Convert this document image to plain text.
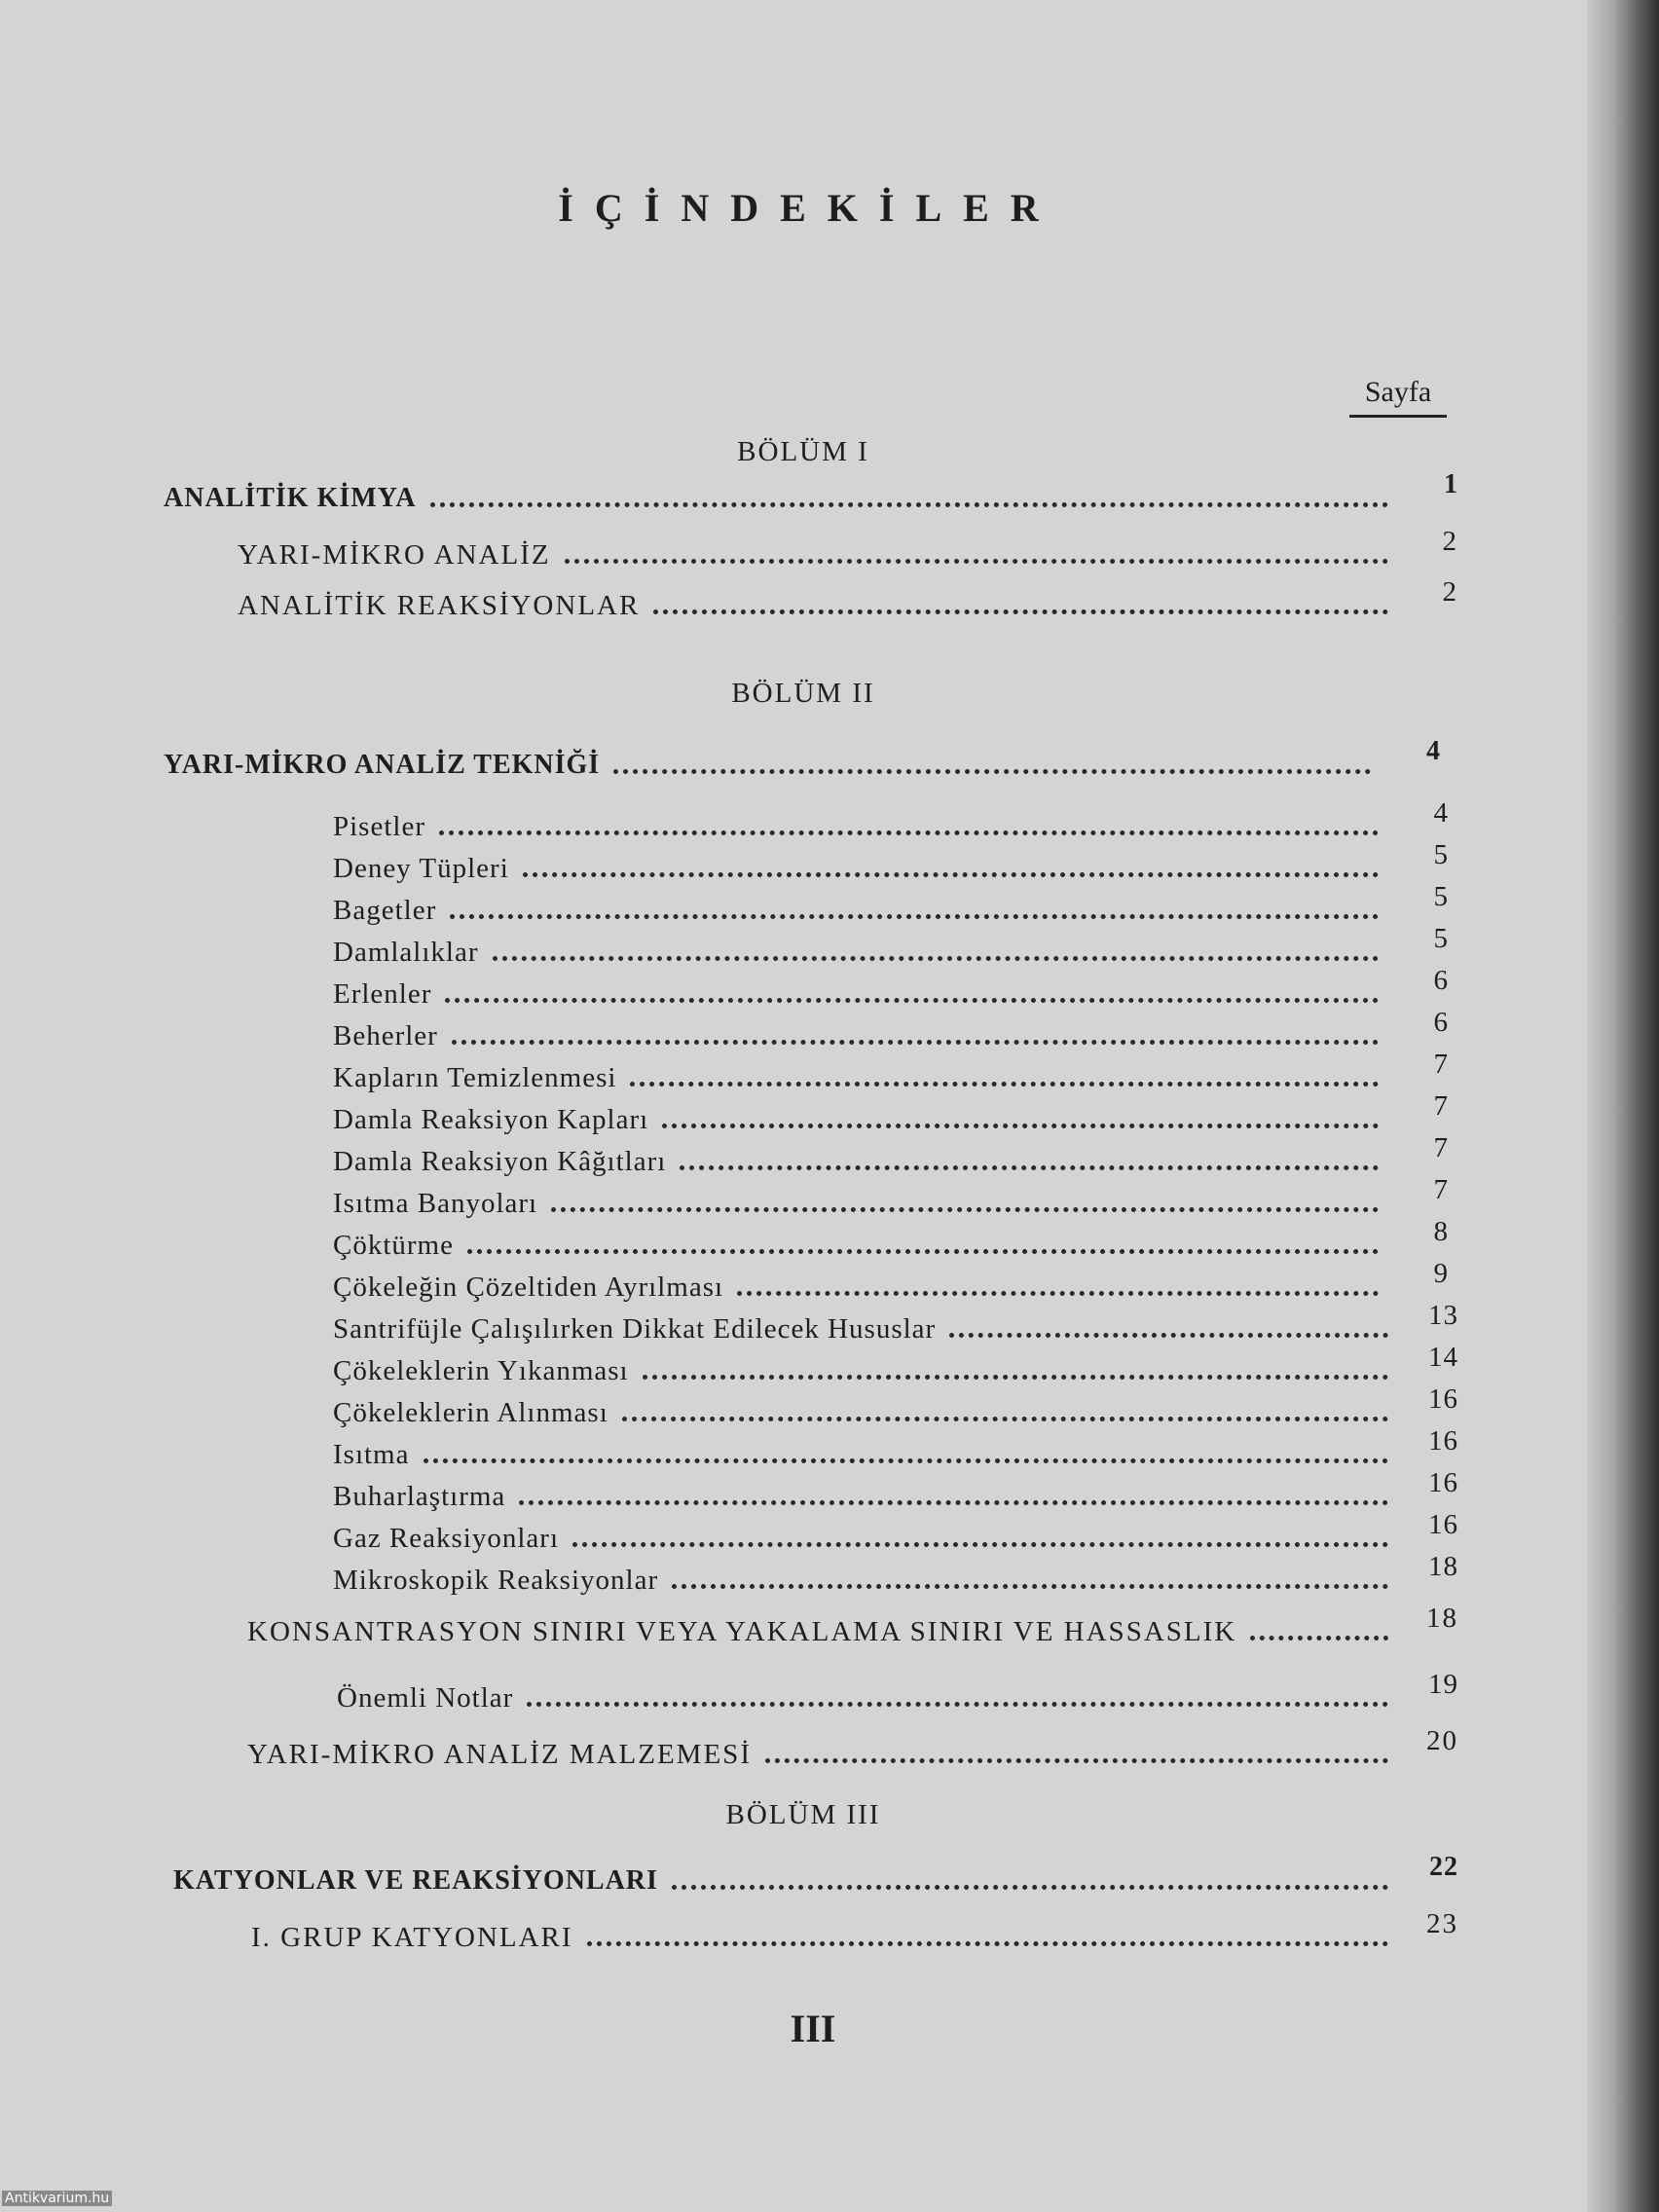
İÇİNDEKİLER
Sayfa
BÖLÜM I
ANALİTİK KİMYA	1
YARI-MİKRO ANALİZ	2
ANALİTİK REAKSİYONLAR	2
BÖLÜM II
YARI-MİKRO ANALİZ TEKNİĞİ	4
Pisetler	4
Deney Tüpleri	5
Bagetler	5
Damlalıklar	5
Erlenler	6
Beherler	6
Kapların Temizlenmesi	7
Damla Reaksiyon Kapları	7
Damla Reaksiyon Kâğıtları	7
Isıtma Banyoları	7
Çöktürme	8
Çökeleğin Çözeltiden Ayrılması	9
Santrifüjle Çalışılırken Dikkat Edilecek Hususlar	13
Çökeleklerin Yıkanması	14
Çökeleklerin Alınması	16
Isıtma	16
Buharlaştırma	16
Gaz Reaksiyonları	16
Mikroskopik Reaksiyonlar	18
KONSANTRASYON SINIRI VEYA YAKALAMA SINIRI VE HASSASLIK	18
Önemli Notlar	19
YARI-MİKRO ANALİZ MALZEMESİ	20
BÖLÜM III
KATYONLAR VE REAKSİYONLARI	22
I. GRUP KATYONLARI	23
III
Antikvarium.hu
